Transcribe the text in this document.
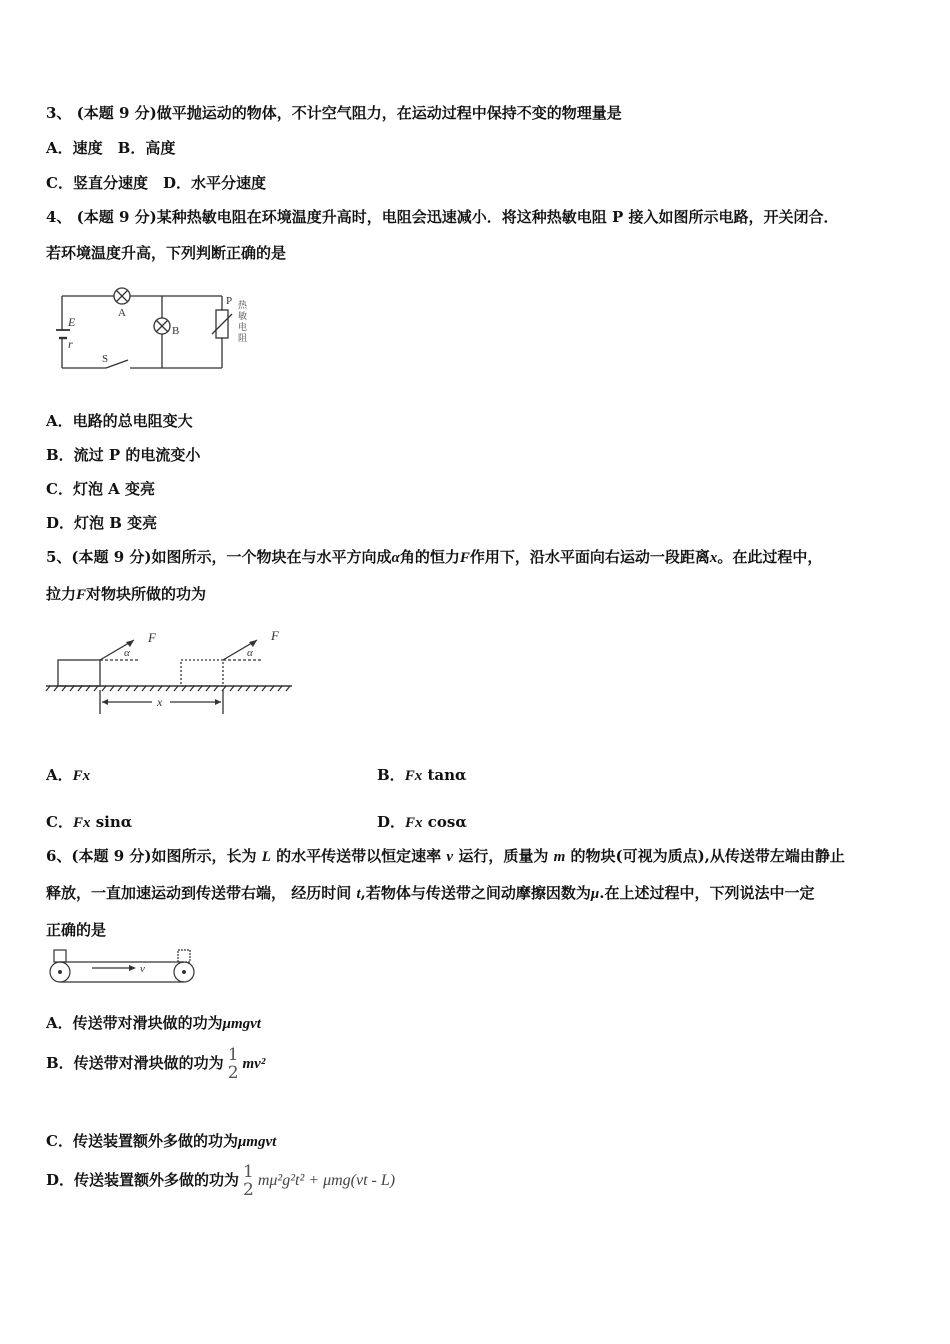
3、 (本题 9 分)做平抛运动的物体，不计空气阻力，在运动过程中保持不变的物理量是
A．速度　B．高度
C．竖直分速度　D．水平分速度
4、 (本题 9 分)某种热敏电阻在环境温度升高时，电阻会迅速减小．将这种热敏电阻 P 接入如图所示电路，开关闭合．
若环境温度升高，下列判断正确的是
E
r
S
A
B
P 热
敏
电
阻
A．电路的总电阻变大
B．流过 P 的电流变小
C．灯泡 A 变亮
D．灯泡 B 变亮
5、(本题 9 分)如图所示，一个物块在与水平方向成α角的恒力F作用下，沿水平面向右运动一段距离x。在此过程中，
拉力F对物块所做的功为
F	F
α	α
x
A．Fx	B．Fx tanα
C．Fx sinα	D．Fx cosα
6、(本题 9 分)如图所示，长为 L 的水平传送带以恒定速率 v 运行，质量为 m 的物块(可视为质点),从传送带左端由静止
释放，一直加速运动到传送带右端， 经历时间 t,若物体与传送带之间动摩擦因数为μ.在上述过程中，下列说法中一定
正确的是
v
A．传送带对滑块做的功为μmgvt
B．传送带对滑块做的功为 1
2 mv²
C．传送装置额外多做的功为μmgvt
D．传送装置额外多做的功为 1
2 mμ²g²t² + μmg(vt - L)
